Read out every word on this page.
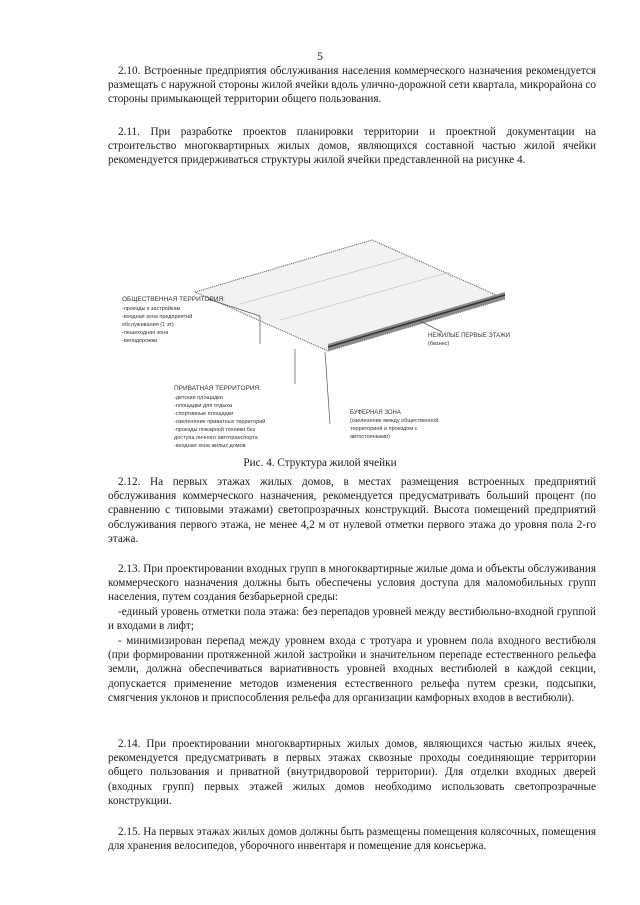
5

2.10. Встроенные предприятия обслуживания населения коммерческого назначения рекомендуется размещать с наружной стороны жилой ячейки вдоль улично-дорожной сети квартала, микрорайона со стороны примыкающей территории общего пользования.

2.11. При разработке проектов планировки территории и проектной документации на строительство многоквартирных жилых домов, являющихся составной частью жилой ячейки рекомендуется придерживаться структуры жилой ячейки представленной на рисунке 4.

ОБЩЕСТВЕННАЯ ТЕРРИТОРИЯ:
-проезды к застройкам
-входная зона предприятий
обслуживания (1 эт)
-пешеходная зона
-велодорожки
НЕЖИЛЫЕ ПЕРВЫЕ ЭТАЖИ
(бизнес)
ПРИВАТНАЯ ТЕРРИТОРИЯ:
-детские площадки
-площадки для отдыха
-спортивные площадки
-озеленение приватных территорий
-проезды пожарной техники без
доступа личного автотранспорта
-входная зона жилых домов
БУФЕРНАЯ ЗОНА
(озеленение между общественной
территорией и проездом с
автостоянками)
Рис. 4. Структура жилой ячейки

2.12. На первых этажах жилых домов, в местах размещения встроенных предприятий обслуживания коммерческого назначения, рекомендуется предусматривать больший процент (по сравнению с типовыми этажами) светопрозрачных конструкций. Высота помещений предприятий обслуживания первого этажа, не менее 4,2 м от нулевой отметки первого этажа до уровня пола 2-го этажа.

2.13. При проектировании входных групп в многоквартирные жилые дома и объекты обслуживания коммерческого назначения должны быть обеспечены условия доступа для маломобильных групп населения, путем создания безбарьерной среды:

-единый уровень отметки пола этажа: без перепадов уровней между вестибюльно-входной группой и входами в лифт;

- минимизирован перепад между уровнем входа с тротуара и уровнем пола входного вестибюля (при формировании протяженной жилой застройки и значительном перепаде естественного рельефа земли, должна обеспечиваться вариативность уровней входных вестибюлей в каждой секции, допускается применение методов изменения естественного рельефа путем срезки, подсыпки, смягчения уклонов и приспособления рельефа для организации камфорных входов в вестибюли).

2.14. При проектировании многоквартирных жилых домов, являющихся частью жилых ячеек, рекомендуется предусматривать в первых этажах сквозные проходы соединяющие территории общего пользования и приватной (внутридворовой территории). Для отделки входных дверей (входных групп) первых этажей жилых домов необходимо использовать светопрозрачные конструкции.

2.15. На первых этажах жилых домов должны быть размещены помещения колясочных, помещения для хранения велосипедов, уборочного инвентаря и помещение для консьержа.
